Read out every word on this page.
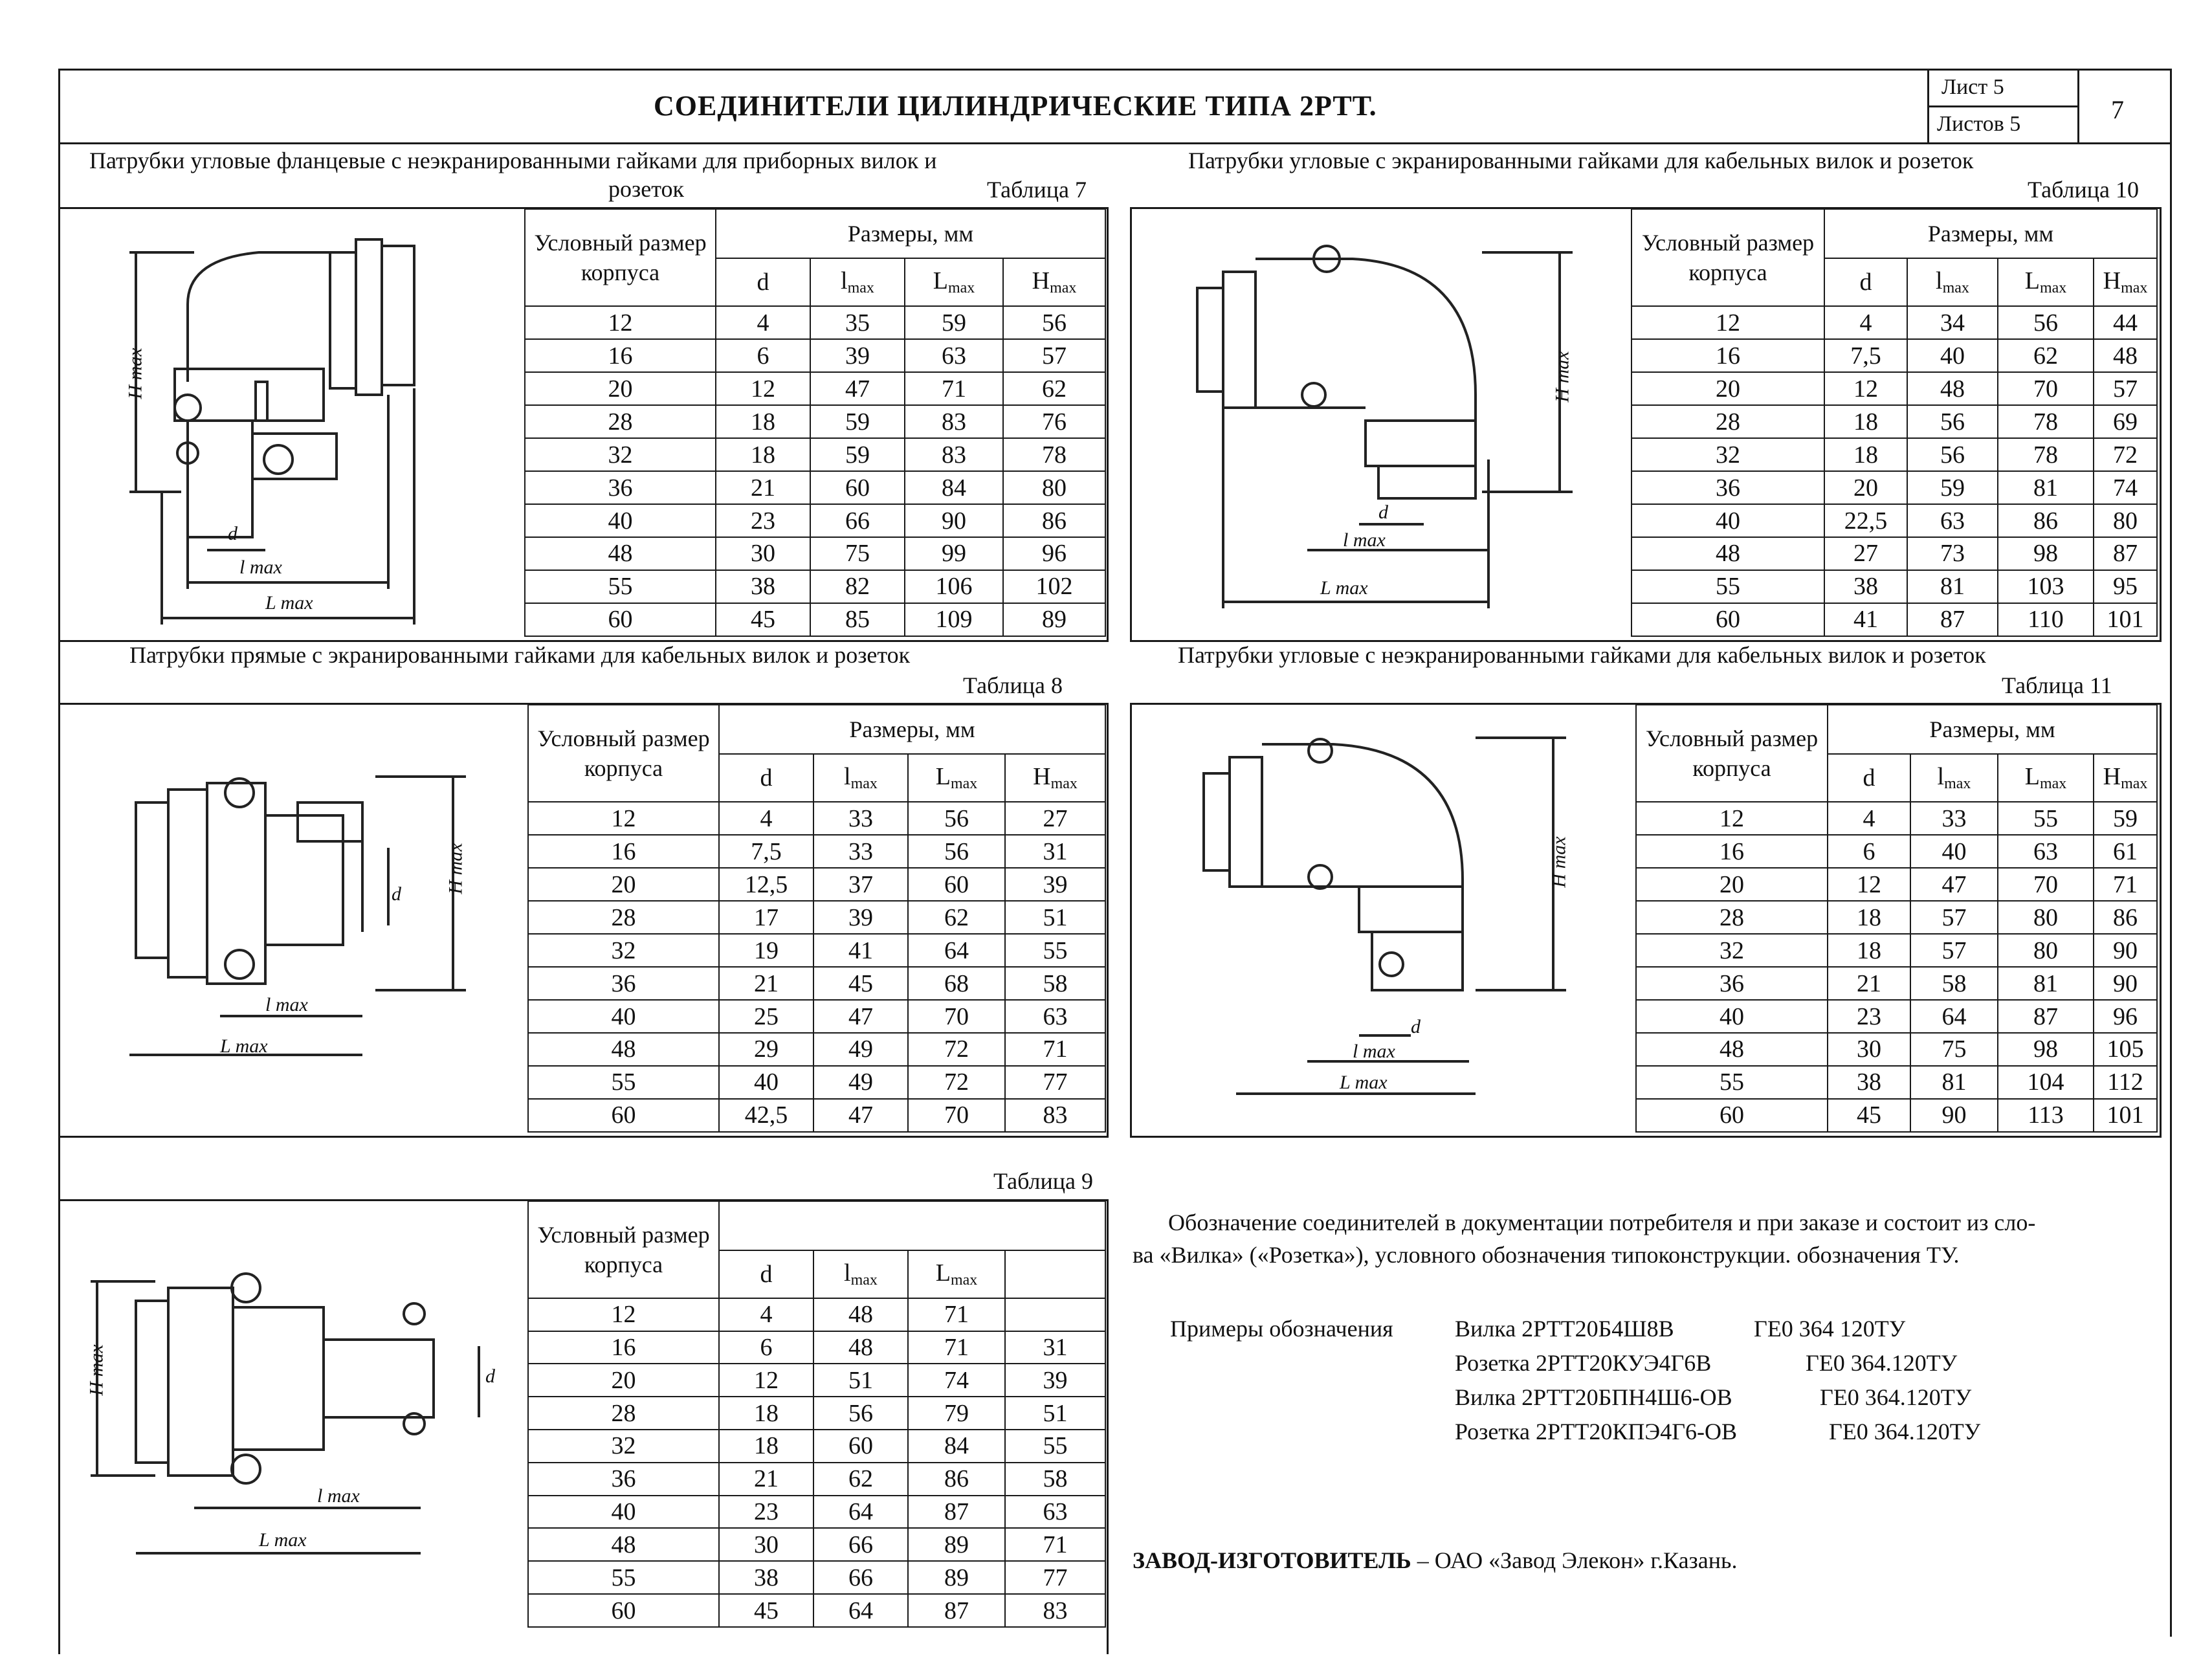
СОЕДИНИТЕЛИ ЦИЛИНДРИЧЕСКИЕ ТИПА 2РТТ.
Лист 5
Листов 5	7
Патрубки угловые фланцевые с неэкранированными гайками для приборных вилок и
розеток	Таблица 7
Патрубки угловые с экранированными гайками для кабельных вилок и розеток
Таблица 10
Патрубки прямые с экранированными гайками для кабельных вилок и розеток
Таблица 8
Патрубки угловые с неэкранированными гайками для кабельных вилок и розеток
Таблица 11
Таблица 9
Условный размер корпуса	Размеры, мм			
	d	$l_{max}$	$L_{max}$	$H_{max}$
12	4	35	59	56
16	6	39	63	57
20	12	47	71	62
28	18	59	83	76
32	18	59	83	78
36	21	60	84	80
40	23	66	90	86
48	30	75	99	96
55	38	82	106	102
60	45	85	109	89
Условный размер корпуса	Размеры, мм			
	d	$l_{max}$	$L_{max}$	$H_{max}$
12	4	34	56	44
16	7,5	40	62	48
20	12	48	70	57
28	18	56	78	69
32	18	56	78	72
36	20	59	81	74
40	22,5	63	86	80
48	27	73	98	87
55	38	81	103	95
60	41	87	110	101
Условный размер корпуса	Размеры, мм			
	d	$l_{max}$	$L_{max}$	$H_{max}$
12	4	33	56	27
16	7,5	33	56	31
20	12,5	37	60	39
28	17	39	62	51
32	19	41	64	55
36	21	45	68	58
40	25	47	70	63
48	29	49	72	71
55	40	49	72	77
60	42,5	47	70	83
Условный размер корпуса	Размеры, мм			
	d	$l_{max}$	$L_{max}$	$H_{max}$
12	4	33	55	59
16	6	40	63	61
20	12	47	70	71
28	18	57	80	86
32	18	57	80	90
36	21	58	81	90
40	23	64	87	96
48	30	75	98	105
55	38	81	104	112
60	45	90	113	101
Условный размер корпуса				
	d	$l_{max}$	$L_{max}$	
12	4	48	71	
16	6	48	71	31
20	12	51	74	39
28	18	56	79	51
32	18	60	84	55
36	21	62	86	58
40	23	64	87	63
48	30	66	89	71
55	38	66	89	77
60	45	64	87	83
H max
d
l max
L max
H max
d
l max
L max
H max
d
l max
L max
H max
d
l max
L max
H max	d
l max
L max
Обозначение соединителей в документации потребителя и при заказе и состоит из сло-
ва «Вилка» («Розетка»), условного обозначения типоконструкции. обозначения ТУ.
Примеры обозначения	Вилка 2РТТ20Б4Ш8В	ГЕ0 364 120ТУ
Розетка 2РТТ20КУЭ4Г6В	ГЕ0 364.120ТУ
Вилка 2РТТ20БПН4Ш6-ОВ	ГЕ0 364.120ТУ
Розетка 2РТТ20КПЭ4Г6-ОВ	ГЕ0 364.120ТУ
ЗАВОД-ИЗГОТОВИТЕЛЬ – ОАО «Завод Элекон» г.Казань.
